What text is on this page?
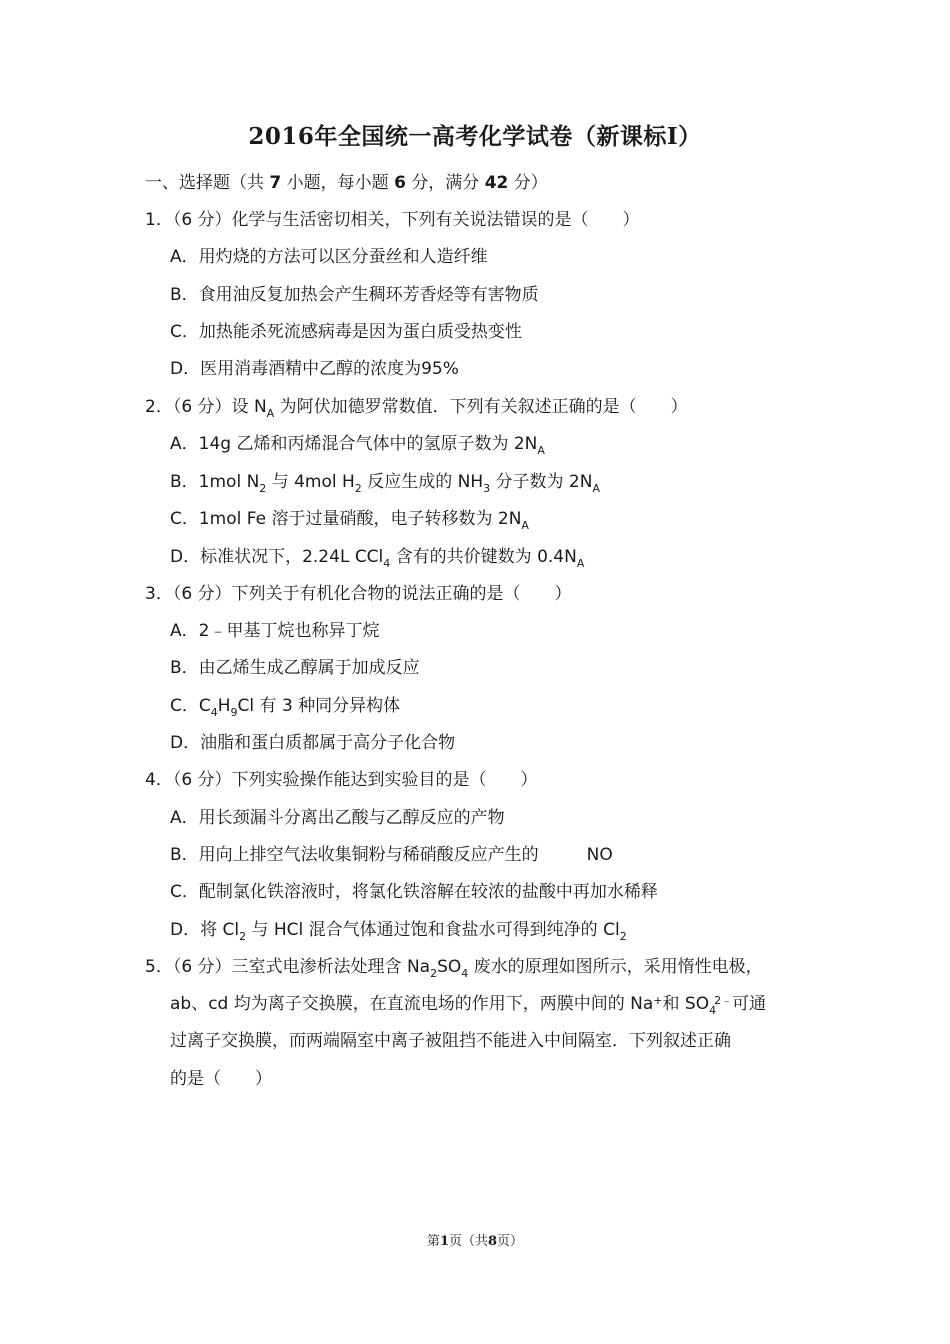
2016年全国统一高考化学试卷（新课标Ⅰ）
一、选择题（共 7 小题，每小题 6 分，满分 42 分）
1．（6 分）化学与生活密切相关，下列有关说法错误的是（　　）
A．用灼烧的方法可以区分蚕丝和人造纤维
B．食用油反复加热会产生稠环芳香烃等有害物质
C．加热能杀死流感病毒是因为蛋白质受热变性
D．医用消毒酒精中乙醇的浓度为95%
2．（6 分）设 $N_A$ 为阿伏加德罗常数值．下列有关叙述正确的是（　　）
A．14g 乙烯和丙烯混合气体中的氢原子数为 $2N_A$
B．1mol $N_2$ 与 4mol $H_2$ 反应生成的 $NH_3$ 分子数为 $2N_A$
C．1mol Fe 溶于过量硝酸，电子转移数为 $2N_A$
D．标准状况下，2.24L CCl$_4$ 含有的共价键数为 $0.4N_A$
3．（6 分）下列关于有机化合物的说法正确的是（　　）
A．2﹣甲基丁烷也称异丁烷
B．由乙烯生成乙醇属于加成反应
C．$C_4H_9Cl$ 有 3 种同分异构体
D．油脂和蛋白质都属于高分子化合物
4．（6 分）下列实验操作能达到实验目的是（　　）
A．用长颈漏斗分离出乙酸与乙醇反应的产物
B．用向上排空气法收集铜粉与稀硝酸反应产生的	NO
C．配制氯化铁溶液时，将氯化铁溶解在较浓的盐酸中再加水稀释
D．将 $Cl_2$ 与 HCl 混合气体通过饱和食盐水可得到纯净的 $Cl_2$
5．（6 分）三室式电渗析法处理含 $Na_2SO_4$ 废水的原理如图所示，采用惰性电极，
ab、cd 均为离子交换膜，在直流电场的作用下，两膜中间的 Na+和 $SO_4^{2﹣}$可通
过离子交换膜，而两端隔室中离子被阻挡不能进入中间隔室．下列叙述正确
的是（　　）
第1页（共8页）
